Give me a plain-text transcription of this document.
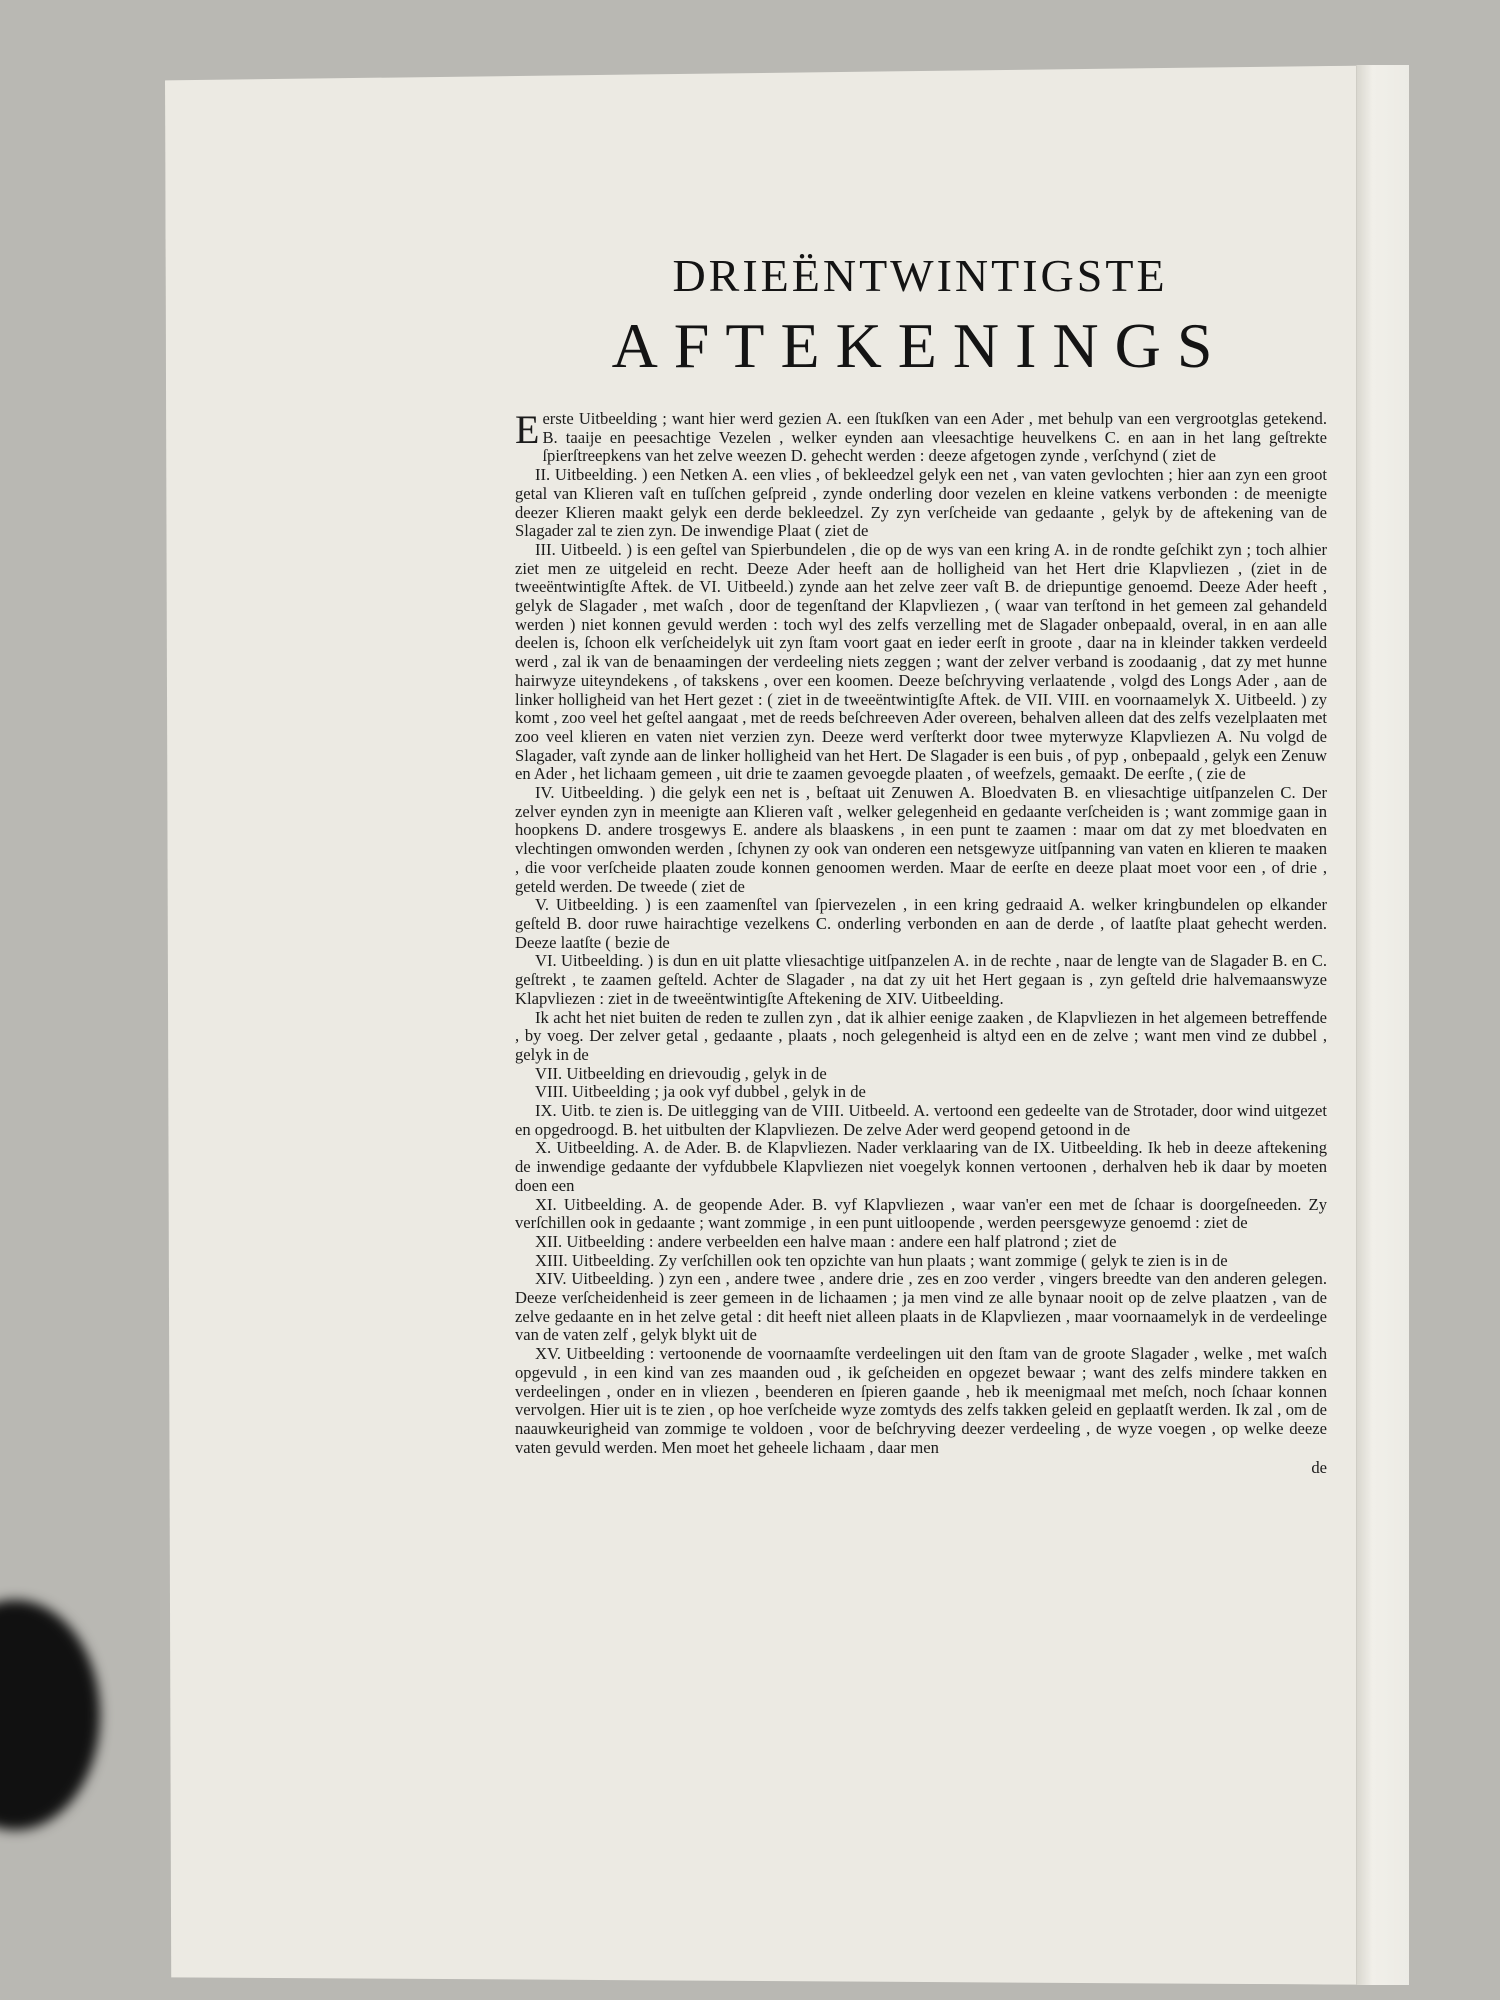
DRIEËNTWINTIGSTE
AFTEKENINGS

Eerste Uitbeelding ; want hier werd gezien A. een ſtukſken van een Ader , met behulp van een vergrootglas getekend. B. taaije en peesachtige Vezelen , welker eynden aan vleesachtige heuvelkens C. en aan in het lang geſtrekte ſpierſtreepkens van het zelve weezen D. gehecht werden : deeze afgetogen zynde , verſchynd ( ziet de

II. Uitbeelding. ) een Netken A. een vlies , of bekleedzel gelyk een net , van vaten gevlochten ; hier aan zyn een groot getal van Klieren vaſt en tuſſchen geſpreid , zynde onderling door vezelen en kleine vatkens verbonden : de meenigte deezer Klieren maakt gelyk een derde bekleedzel. Zy zyn verſcheide van gedaante , gelyk by de aftekening van de Slagader zal te zien zyn. De inwendige Plaat ( ziet de

III. Uitbeeld. ) is een geſtel van Spierbundelen , die op de wys van een kring A. in de rondte geſchikt zyn ; toch alhier ziet men ze uitgeleid en recht. Deeze Ader heeft aan de holligheid van het Hert drie Klapvliezen , (ziet in de tweeëntwintigſte Aftek. de VI. Uitbeeld.) zynde aan het zelve zeer vaſt B. de driepuntige genoemd. Deeze Ader heeft , gelyk de Slagader , met waſch , door de tegenſtand der Klapvliezen , ( waar van terſtond in het gemeen zal gehandeld werden ) niet konnen gevuld werden : toch wyl des zelfs verzelling met de Slagader onbepaald, overal, in en aan alle deelen is, ſchoon elk verſcheidelyk uit zyn ſtam voort gaat en ieder eerſt in groote , daar na in kleinder takken verdeeld werd , zal ik van de benaamingen der verdeeling niets zeggen ; want der zelver verband is zoodaanig , dat zy met hunne hairwyze uiteyndekens , of takskens , over een koomen. Deeze beſchryving verlaatende , volgd des Longs Ader , aan de linker holligheid van het Hert gezet : ( ziet in de tweeëntwintigſte Aftek. de VII. VIII. en voornaamelyk X. Uitbeeld. ) zy komt , zoo veel het geſtel aangaat , met de reeds beſchreeven Ader overeen, behalven alleen dat des zelfs vezelplaaten met zoo veel klieren en vaten niet verzien zyn. Deeze werd verſterkt door twee myterwyze Klapvliezen A. Nu volgd de Slagader, vaſt zynde aan de linker holligheid van het Hert. De Slagader is een buis , of pyp , onbepaald , gelyk een Zenuw en Ader , het lichaam gemeen , uit drie te zaamen gevoegde plaaten , of weefzels, gemaakt. De eerſte , ( zie de

IV. Uitbeelding. ) die gelyk een net is , beſtaat uit Zenuwen A. Bloedvaten B. en vliesachtige uitſpanzelen C. Der zelver eynden zyn in meenigte aan Klieren vaſt , welker gelegenheid en gedaante verſcheiden is ; want zommige gaan in hoopkens D. andere trosgewys E. andere als blaaskens , in een punt te zaamen : maar om dat zy met bloedvaten en vlechtingen omwonden werden , ſchynen zy ook van onderen een netsgewyze uitſpanning van vaten en klieren te maaken , die voor verſcheide plaaten zoude konnen genoomen werden. Maar de eerſte en deeze plaat moet voor een , of drie , geteld werden. De tweede ( ziet de

V. Uitbeelding. ) is een zaamenſtel van ſpiervezelen , in een kring gedraaid A. welker kringbundelen op elkander geſteld B. door ruwe hairachtige vezelkens C. onderling verbonden en aan de derde , of laatſte plaat gehecht werden. Deeze laatſte ( bezie de

VI. Uitbeelding. ) is dun en uit platte vliesachtige uitſpanzelen A. in de rechte , naar de lengte van de Slagader B. en C. geſtrekt , te zaamen geſteld. Achter de Slagader , na dat zy uit het Hert gegaan is , zyn geſteld drie halvemaanswyze Klapvliezen : ziet in de tweeëntwintigſte Aftekening de XIV. Uitbeelding.

Ik acht het niet buiten de reden te zullen zyn , dat ik alhier eenige zaaken , de Klapvliezen in het algemeen betreffende , by voeg. Der zelver getal , gedaante , plaats , noch gelegenheid is altyd een en de zelve ; want men vind ze dubbel , gelyk in de

VII. Uitbeelding en drievoudig , gelyk in de

VIII. Uitbeelding ; ja ook vyf dubbel , gelyk in de

IX. Uitb. te zien is. De uitlegging van de VIII. Uitbeeld. A. vertoond een gedeelte van de Strotader, door wind uitgezet en opgedroogd. B. het uitbulten der Klapvliezen. De zelve Ader werd geopend getoond in de

X. Uitbeelding. A. de Ader. B. de Klapvliezen. Nader verklaaring van de IX. Uitbeelding. Ik heb in deeze aftekening de inwendige gedaante der vyfdubbele Klapvliezen niet voegelyk konnen vertoonen , derhalven heb ik daar by moeten doen een

XI. Uitbeelding. A. de geopende Ader. B. vyf Klapvliezen , waar van'er een met de ſchaar is doorgeſneeden. Zy verſchillen ook in gedaante ; want zommige , in een punt uitloopende , werden peersgewyze genoemd : ziet de

XII. Uitbeelding : andere verbeelden een halve maan : andere een half platrond ; ziet de

XIII. Uitbeelding. Zy verſchillen ook ten opzichte van hun plaats ; want zommige ( gelyk te zien is in de

XIV. Uitbeelding. ) zyn een , andere twee , andere drie , zes en zoo verder , vingers breedte van den anderen gelegen. Deeze verſcheidenheid is zeer gemeen in de lichaamen ; ja men vind ze alle bynaar nooit op de zelve plaatzen , van de zelve gedaante en in het zelve getal : dit heeft niet alleen plaats in de Klapvliezen , maar voornaamelyk in de verdeelinge van de vaten zelf , gelyk blykt uit de

XV. Uitbeelding : vertoonende de voornaamſte verdeelingen uit den ſtam van de groote Slagader , welke , met waſch opgevuld , in een kind van zes maanden oud , ik geſcheiden en opgezet bewaar ; want des zelfs mindere takken en verdeelingen , onder en in vliezen , beenderen en ſpieren gaande , heb ik meenigmaal met meſch, noch ſchaar konnen vervolgen. Hier uit is te zien , op hoe verſcheide wyze zomtyds des zelfs takken geleid en geplaatſt werden. Ik zal , om de naauwkeurigheid van zommige te voldoen , voor de beſchryving deezer verdeeling , de wyze voegen , op welke deeze vaten gevuld werden. Men moet het geheele lichaam , daar men

de
